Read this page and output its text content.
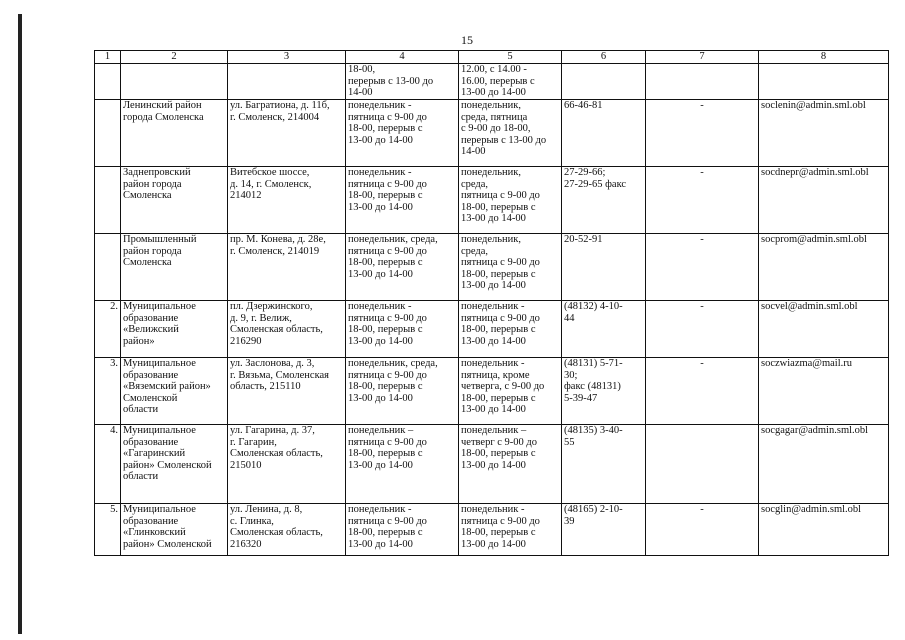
15
1	2	3	4	5	6	7	8

			18-00,
перерыв с 13-00 до
14-00	12.00, с 14.00 -
16.00, перерыв с
13-00 до 14-00			

	Ленинский район
города Смоленска	ул. Багратиона, д. 11б,
г. Смоленск, 214004	понедельник -
пятница с 9-00 до
18-00, перерыв с
13-00 до 14-00	понедельник,
среда, пятница
с 9-00 до 18-00,
перерыв с 13-00 до
14-00	66-46-81	-	soclenin@admin.sml.obl

	Заднепровский
район города
Смоленска	Витебское шоссе,
д. 14, г. Смоленск,
214012	понедельник -
пятница с 9-00 до
18-00, перерыв с
13-00 до 14-00	понедельник,
среда,
пятница с 9-00 до
18-00, перерыв с
13-00 до 14-00	27-29-66;
27-29-65 факс	-	socdnepr@admin.sml.obl

	Промышленный
район города
Смоленска	пр. М. Конева, д. 28е,
г. Смоленск, 214019	понедельник, среда,
пятница с 9-00 до
18-00, перерыв с
13-00 до 14-00	понедельник,
среда,
пятница с 9-00 до
18-00, перерыв с
13-00 до 14-00	20-52-91	-	socprom@admin.sml.obl
2.	Муниципальное
образование
«Велижский
район»	пл. Дзержинского,
д. 9, г. Велиж,
Смоленская область,
216290	понедельник -
пятница с 9-00 до
18-00, перерыв с
13-00 до 14-00	понедельник -
пятница с 9-00 до
18-00, перерыв с
13-00 до 14-00	(48132) 4-10-
44	-	socvel@admin.sml.obl
3.	Муниципальное
образование
«Вяземский район»
Смоленской
области	ул. Заслонова, д. 3,
г. Вязьма, Смоленская
область, 215110	понедельник, среда,
пятница с 9-00 до
18-00, перерыв с
13-00 до 14-00	понедельник -
пятница, кроме
четверга, с 9-00 до
18-00, перерыв с
13-00 до 14-00	(48131) 5-71-
30;
факс (48131)
5-39-47	-	soczwiazma@mail.ru
4.	Муниципальное
образование
«Гагаринский
район» Смоленской
области	ул. Гагарина, д. 37,
г. Гагарин,
Смоленская область,
215010	понедельник –
пятница с 9-00 до
18-00, перерыв с
13-00 до 14-00	понедельник –
четверг с 9-00 до
18-00, перерыв с
13-00 до 14-00	(48135) 3-40-
55		socgagar@admin.sml.obl
5.	Муниципальное
образование
«Глинковский
район» Смоленской	ул. Ленина, д. 8,
с. Глинка,
Смоленская область,
216320	понедельник -
пятница с 9-00 до
18-00, перерыв с
13-00 до 14-00	понедельник -
пятница с 9-00 до
18-00, перерыв с
13-00 до 14-00	(48165) 2-10-
39	-	socglin@admin.sml.obl
